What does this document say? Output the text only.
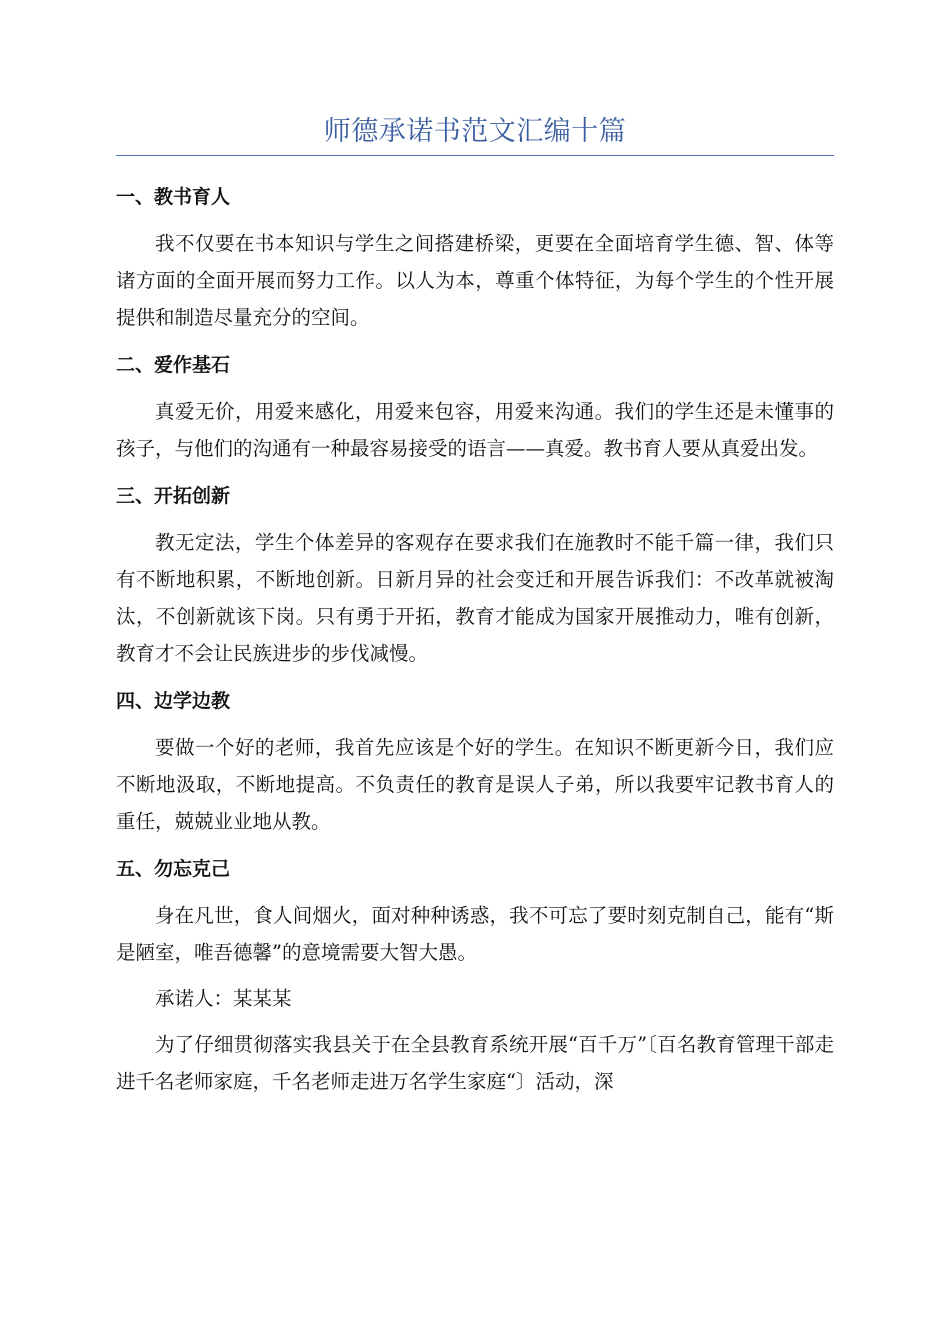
师德承诺书范文汇编十篇
一、教书育人

我不仅要在书本知识与学生之间搭建桥梁，更要在全面培育学生德、智、体等诸方面的全面开展而努力工作。以人为本，尊重个体特征，为每个学生的个性开展提供和制造尽量充分的空间。

二、爱作基石

真爱无价，用爱来感化，用爱来包容，用爱来沟通。我们的学生还是未懂事的孩子，与他们的沟通有一种最容易接受的语言——真爱。教书育人要从真爱出发。

三、开拓创新

教无定法，学生个体差异的客观存在要求我们在施教时不能千篇一律，我们只有不断地积累，不断地创新。日新月异的社会变迁和开展告诉我们：不改革就被淘汰，不创新就该下岗。只有勇于开拓，教育才能成为国家开展推动力，唯有创新，教育才不会让民族进步的步伐减慢。

四、边学边教

要做一个好的老师，我首先应该是个好的学生。在知识不断更新今日，我们应不断地汲取，不断地提高。不负责任的教育是误人子弟，所以我要牢记教书育人的重任，兢兢业业地从教。

五、勿忘克己

身在凡世，食人间烟火，面对种种诱惑，我不可忘了要时刻克制自己，能有“斯是陋室，唯吾德馨”的意境需要大智大愚。

承诺人：某某某

为了仔细贯彻落实我县关于在全县教育系统开展“百千万”〔百名教育管理干部走进千名老师家庭，千名老师走进万名学生家庭“〕活动，深
